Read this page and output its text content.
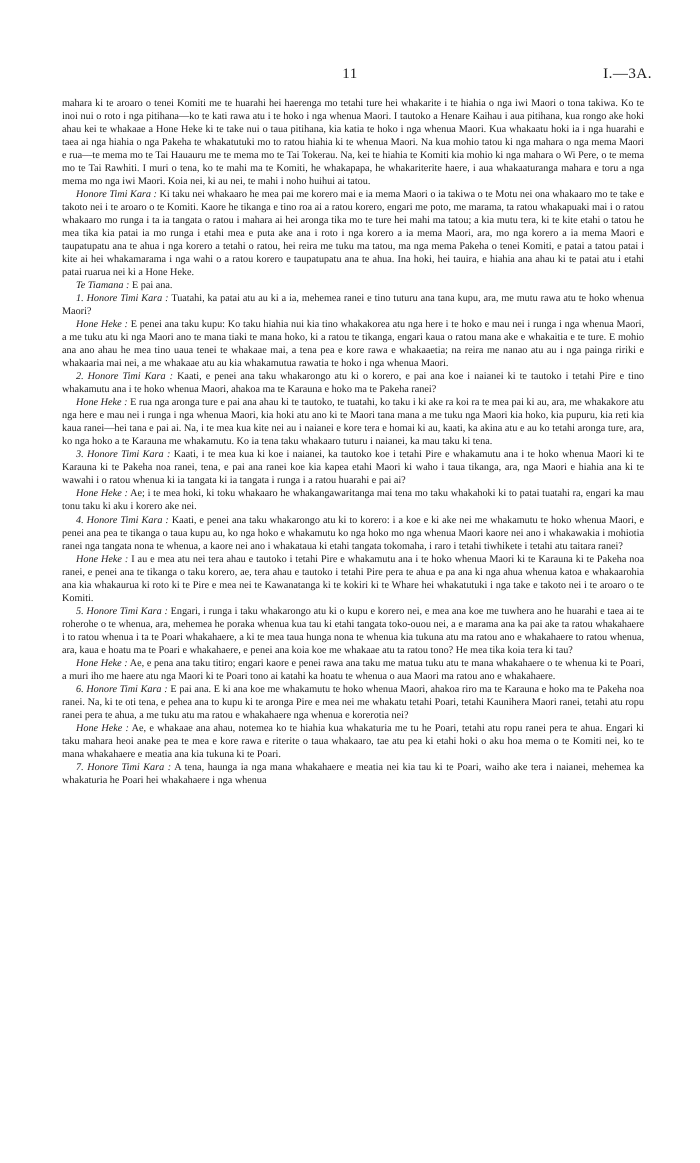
11	I.—3A.

mahara ki te aroaro o tenei Komiti me te huarahi hei haerenga mo tetahi ture hei whakarite i te hiahia o nga iwi Maori o tona takiwa. Ko te inoi nui o roto i nga pitihana—ko te kati rawa atu i te hoko i nga whenua Maori. I tautoko a Henare Kaihau i aua pitihana, kua rongo ake hoki ahau kei te whakaae a Hone Heke ki te take nui o taua pitihana, kia katia te hoko i nga whenua Maori. Kua whakaatu hoki ia i nga huarahi e taea ai nga hiahia o nga Pakeha te whakatutuki mo to ratou hiahia ki te whenua Maori. Na kua mohio tatou ki nga mahara o nga mema Maori e rua—te mema mo te Tai Hauauru me te mema mo te Tai Tokerau. Na, kei te hiahia te Komiti kia mohio ki nga mahara o Wi Pere, o te mema mo te Tai Rawhiti. I muri o tena, ko te mahi ma te Komiti, he whakapapa, he whakariterite haere, i aua whakaaturanga mahara e toru a nga mema mo nga iwi Maori. Koia nei, ki au nei, te mahi i noho huihui ai tatou.

Honore Timi Kara : Ki taku nei whakaaro he mea pai me korero mai e ia mema Maori o ia takiwa o te Motu nei ona whakaaro mo te take e takoto nei i te aroaro o te Komiti. Kaore he tikanga e tino roa ai a ratou korero, engari me poto, me marama, ta ratou whakapuaki mai i o ratou whakaaro mo runga i ta ia tangata o ratou i mahara ai hei aronga tika mo te ture hei mahi ma tatou; a kia mutu tera, ki te kite etahi o tatou he mea tika kia patai ia mo runga i etahi mea e puta ake ana i roto i nga korero a ia mema Maori, ara, mo nga korero a ia mema Maori e taupatupatu ana te ahua i nga korero a tetahi o ratou, hei reira me tuku ma tatou, ma nga mema Pakeha o tenei Komiti, e patai a tatou patai i kite ai hei whakamarama i nga wahi o a ratou korero e taupatupatu ana te ahua. Ina hoki, hei tauira, e hiahia ana ahau ki te patai atu i etahi patai ruarua nei ki a Hone Heke.

Te Tiamana : E pai ana.

1. Honore Timi Kara : Tuatahi, ka patai atu au ki a ia, mehemea ranei e tino tuturu ana tana kupu, ara, me mutu rawa atu te hoko whenua Maori?

Hone Heke : E penei ana taku kupu: Ko taku hiahia nui kia tino whakakorea atu nga here i te hoko e mau nei i runga i nga whenua Maori, a me tuku atu ki nga Maori ano te mana tiaki te mana hoko, ki a ratou te tikanga, engari kaua o ratou mana ake e whakaitia e te ture. E mohio ana ano ahau he mea tino uaua tenei te whakaae mai, a tena pea e kore rawa e whakaaetia; na reira me nanao atu au i nga painga ririki e whakaaria mai nei, a me whakaae atu au kia whakamutua rawatia te hoko i nga whenua Maori.

2. Honore Timi Kara : Kaati, e penei ana taku whakarongo atu ki o korero, e pai ana koe i naianei ki te tautoko i tetahi Pire e tino whakamutu ana i te hoko whenua Maori, ahakoa ma te Karauna e hoko ma te Pakeha ranei?

Hone Heke : E rua nga aronga ture e pai ana ahau ki te tautoko, te tuatahi, ko taku i ki ake ra koi ra te mea pai ki au, ara, me whakakore atu nga here e mau nei i runga i nga whenua Maori, kia hoki atu ano ki te Maori tana mana a me tuku nga Maori kia hoko, kia pupuru, kia reti kia kaua ranei—hei tana e pai ai. Na, i te mea kua kite nei au i naianei e kore tera e homai ki au, kaati, ka akina atu e au ko tetahi aronga ture, ara, ko nga hoko a te Karauna me whakamutu. Ko ia tena taku whakaaro tuturu i naianei, ka mau taku ki tena.

3. Honore Timi Kara : Kaati, i te mea kua ki koe i naianei, ka tautoko koe i tetahi Pire e whakamutu ana i te hoko whenua Maori ki te Karauna ki te Pakeha noa ranei, tena, e pai ana ranei koe kia kapea etahi Maori ki waho i taua tikanga, ara, nga Maori e hiahia ana ki te wawahi i o ratou whenua ki ia tangata ki ia tangata i runga i a ratou huarahi e pai ai?

Hone Heke : Ae; i te mea hoki, ki toku whakaaro he whakangawaritanga mai tena mo taku whakahoki ki to patai tuatahi ra, engari ka mau tonu taku ki aku i korero ake nei.

4. Honore Timi Kara : Kaati, e penei ana taku whakarongo atu ki to korero: i a koe e ki ake nei me whakamutu te hoko whenua Maori, e penei ana pea te tikanga o taua kupu au, ko nga hoko e whakamutu ko nga hoko mo nga whenua Maori kaore nei ano i whakawakia i mohiotia ranei nga tangata nona te whenua, a kaore nei ano i whakataua ki etahi tangata tokomaha, i raro i tetahi tiwhikete i tetahi atu taitara ranei?

Hone Heke : I au e mea atu nei tera ahau e tautoko i tetahi Pire e whakamutu ana i te hoko whenua Maori ki te Karauna ki te Pakeha noa ranei, e penei ana te tikanga o taku korero, ae, tera ahau e tautoko i tetahi Pire pera te ahua e pa ana ki nga ahua whenua katoa e whakaarohia ana kia whakaurua ki roto ki te Pire e mea nei te Kawanatanga ki te kokiri ki te Whare hei whakatutuki i nga take e takoto nei i te aroaro o te Komiti.

5. Honore Timi Kara : Engari, i runga i taku whakarongo atu ki o kupu e korero nei, e mea ana koe me tuwhera ano he huarahi e taea ai te roherohe o te whenua, ara, mehemea he poraka whenua kua tau ki etahi tangata toko-ouou nei, a e marama ana ka pai ake ta ratou whakahaere i to ratou whenua i ta te Poari whakahaere, a ki te mea taua hunga nona te whenua kia tukuna atu ma ratou ano e whakahaere to ratou whenua, ara, kaua e hoatu ma te Poari e whakahaere, e penei ana koia koe me whakaae atu ta ratou tono? He mea tika koia tera ki tau?

Hone Heke : Ae, e pena ana taku titiro; engari kaore e penei rawa ana taku me matua tuku atu te mana whakahaere o te whenua ki te Poari, a muri iho me haere atu nga Maori ki te Poari tono ai katahi ka hoatu te whenua o aua Maori ma ratou ano e whakahaere.

6. Honore Timi Kara : E pai ana. E ki ana koe me whakamutu te hoko whenua Maori, ahakoa riro ma te Karauna e hoko ma te Pakeha noa ranei. Na, ki te oti tena, e pehea ana to kupu ki te aronga Pire e mea nei me whakatu tetahi Poari, tetahi Kaunihera Maori ranei, tetahi atu ropu ranei pera te ahua, a me tuku atu ma ratou e whakahaere nga whenua e korerotia nei?

Hone Heke : Ae, e whakaae ana ahau, notemea ko te hiahia kua whakaturia me tu he Poari, tetahi atu ropu ranei pera te ahua. Engari ki taku mahara heoi anake pea te mea e kore rawa e riterite o taua whakaaro, tae atu pea ki etahi hoki o aku hoa mema o te Komiti nei, ko te mana whakahaere e meatia ana kia tukuna ki te Poari.

7. Honore Timi Kara : A tena, haunga ia nga mana whakahaere e meatia nei kia tau ki te Poari, waiho ake tera i naianei, mehemea ka whakaturia he Poari hei whakahaere i nga whenua
